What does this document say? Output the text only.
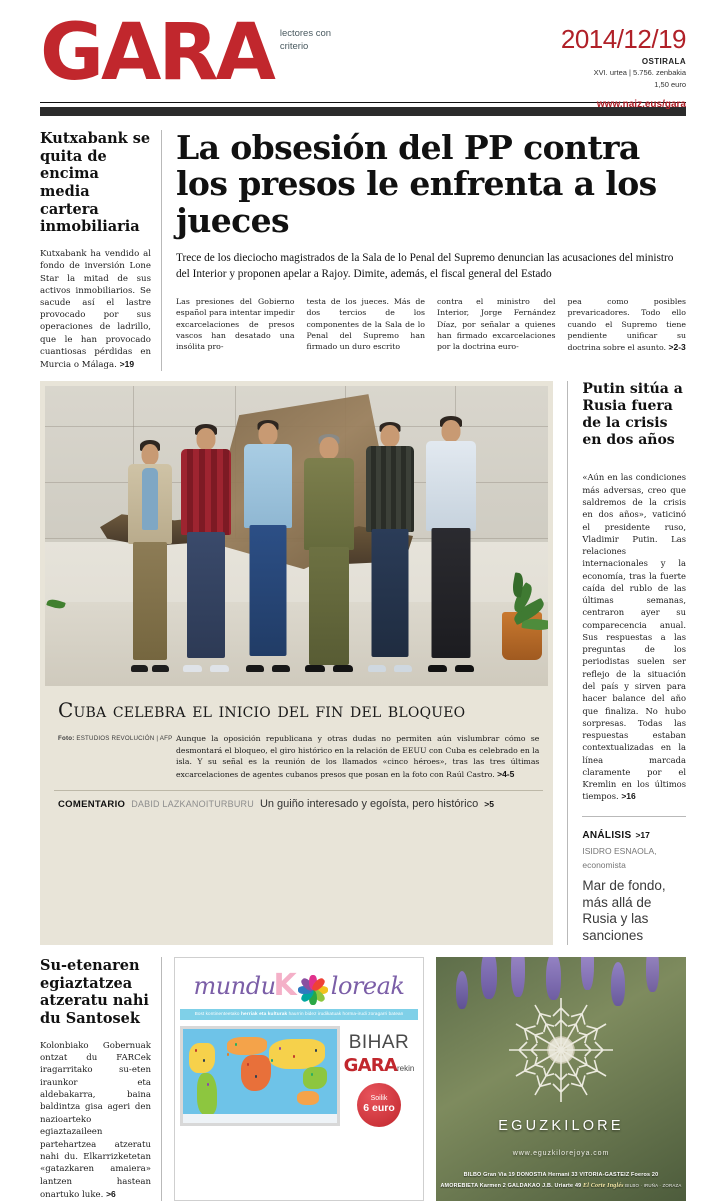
GARA lectores con
criterio	2014/12/19
OSTIRALA
XVI. urtea | 5.756. zenbakia
1,50 euro
www.naiz.eus/gara
Kutxabank se quita de encima media cartera inmobiliaria
Kutxabank ha vendido al fondo de inversión Lone Star la mitad de sus activos inmobiliarios. Se sacude así el lastre provocado por sus operaciones de ladrillo, que le han provocado cuantiosas pérdidas en Murcia o Málaga. >19
La obsesión del PP contra los presos le enfrenta a los jueces
Trece de los dieciocho magistrados de la Sala de lo Penal del Supremo denuncian las acusaciones del ministro del Interior y proponen apelar a Rajoy. Dimite, además, el fiscal general del Estado

Las presiones del Gobierno español para intentar impedir excarcelaciones de presos vascos han desatado una insólita pro-

testa de los jueces. Más de dos tercios de los componentes de la Sala de lo Penal del Supremo han firmado un duro escrito

contra el ministro del Interior, Jorge Fernández Díaz, por señalar a quienes han firmado excarcelaciones por la doctrina euro-

pea como posibles prevaricadores. Todo ello cuando el Supremo tiene pendiente unificar su doctrina sobre el asunto. >2-3

Cuba celebra el inicio del fin del bloqueo
Foto: ESTUDIOS REVOLUCIÓN | AFP Aunque la oposición republicana y otras dudas no permiten aún vislumbrar cómo se desmontará el bloqueo, el giro histórico en la relación de EEUU con Cuba es celebrado en la isla. Y su señal es la reunión de los llamados «cinco héroes», tras las tres últimas excarcelaciones de agentes cubanos presos que posan en la foto con Raúl Castro. >4-5
COMENTARIO DABID LAZKANOITURBURU Un guiño interesado y egoísta, pero histórico >5
Putin sitúa a Rusia fuera de la crisis en dos años
«Aún en las condiciones más adversas, creo que saldremos de la crisis en dos años», vaticinó el presidente ruso, Vladimir Putin. Las relaciones internacionales y la economía, tras la fuerte caída del rublo de las últimas semanas, centraron ayer su comparecencia anual. Sus respuestas a las preguntas de los periodistas suelen ser reflejo de la situación del país y sirven para hacer balance del año que finaliza. No hubo sorpresas. Todas las respuestas estaban contextualizadas en la línea marcada claramente por el Kremlin en los últimos tiempos. >16
ANÁLISIS >17
ISIDRO ESNAOLA,
economista
Mar de fondo, más allá de Rusia y las sanciones
Su-etenaren egiaztatzea atzeratu nahi du Santosek
Kolonbiako Gobernuak ontzat du FARCek iragarritako su-eten iraunkor eta aldebakarra, baina baldintza gisa ageri den nazioarteko egiaztazaileen partehartzea atzeratu nahi du. Elkarrizketetan «gatazkaren amaiera» lantzen hastean onartuko luke. >6
mundu
K loreak
Bost kontinenteetako herriak eta kulturak haurrin bidez irudikatuak horma-irudi zoragarri batean
BIHAR
GARArekin
Soilik
6 euro
EGUZKILORE
www.eguzkilorejoya.com
BILBO Gran Via 19 DONOSTIA Hernani 33 VITORIA-GASTEIZ Foeros 20
AMOREBIETA Karmen 2 GALDAKAO J.B. Uriarte 49 El Corte Inglés BILBO · IRUÑA · ZORAZA
